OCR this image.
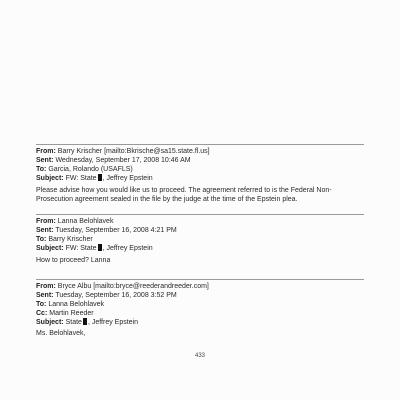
From: Barry Krischer [mailto:Bkrische@sa15.state.fl.us]
Sent: Wednesday, September 17, 2008 10:46 AM
To: Garcia, Rolando (USAFLS)
Subject: FW: State , Jeffrey Epstein
Please advise how you would like us to proceed. The agreement referred to is the Federal Non-Prosecution agreement sealed in the file by the judge at the time of the Epstein plea.
From: Lanna Belohlavek
Sent: Tuesday, September 16, 2008 4:21 PM
To: Barry Krischer
Subject: FW: State , Jeffrey Epstein
How to proceed? Lanna
From: Bryce Albu [mailto:bryce@reederandreeder.com]
Sent: Tuesday, September 16, 2008 3:52 PM
To: Lanna Belohlavek
Cc: Martin Reeder
Subject: State , Jeffrey Epstein
Ms. Belohlavek,
433
